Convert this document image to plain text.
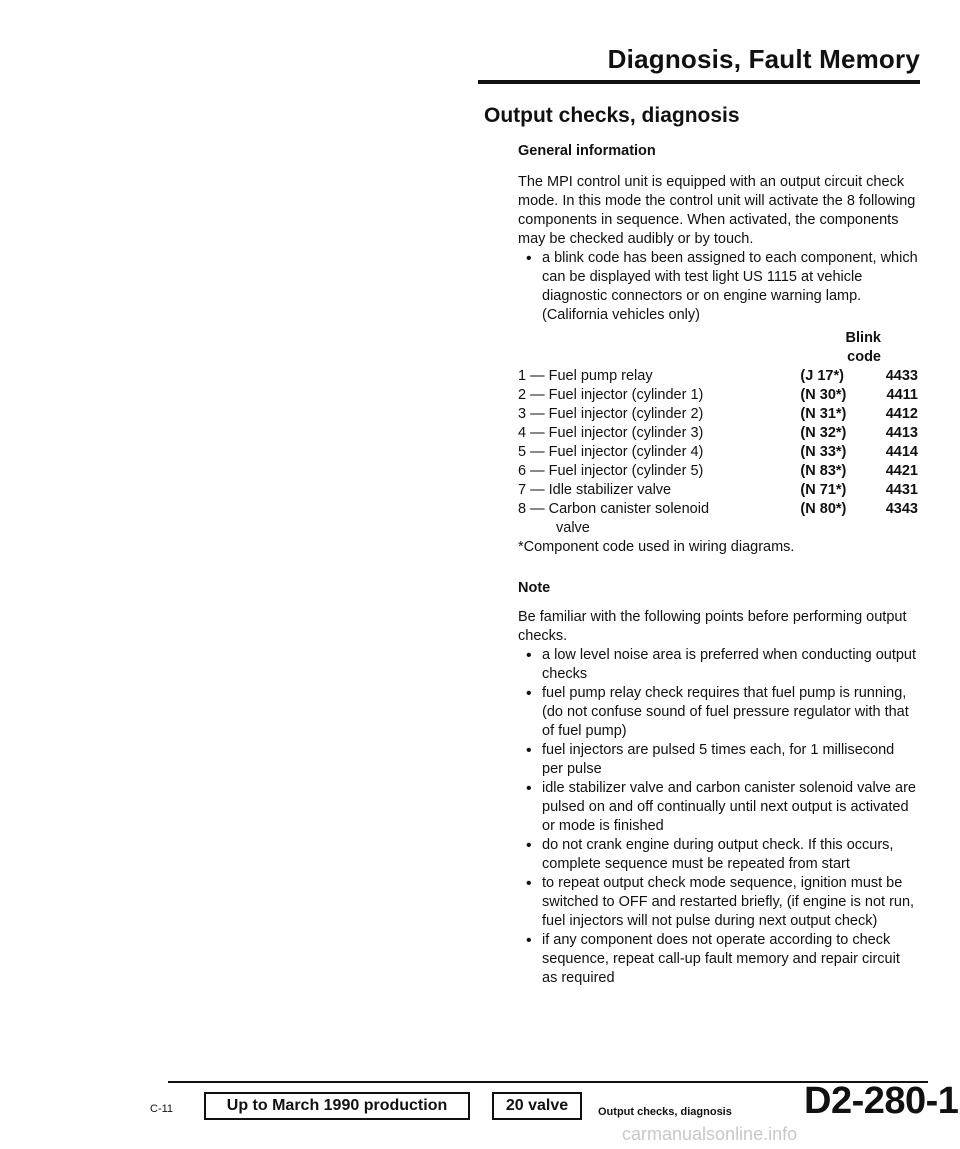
Diagnosis, Fault Memory
Output checks, diagnosis

General information

The MPI control unit is equipped with an output circuit check mode. In this mode the control unit will activate the 8 following components in sequence. When activated, the components may be checked audibly or by touch.

• a blink code has been assigned to each component, which can be displayed with test light US 1115 at vehicle diagnostic connectors or on engine warning lamp. (California vehicles only)
Blink
code
1 — Fuel pump relay	(J 17*)	4433
2 — Fuel injector (cylinder 1)	(N 30*)	4411
3 — Fuel injector (cylinder 2)	(N 31*)	4412
4 — Fuel injector (cylinder 3)	(N 32*)	4413
5 — Fuel injector (cylinder 4)	(N 33*)	4414
6 — Fuel injector (cylinder 5)	(N 83*)	4421
7 — Idle stabilizer valve	(N 71*)	4431
8 — Carbon canister solenoid	(N 80*)	4343
valve		
*Component code used in wiring diagrams.
Note
Be familiar with the following points before performing output checks.
• a low level noise area is preferred when conducting output checks
• fuel pump relay check requires that fuel pump is running, (do not confuse sound of fuel pressure regulator with that of fuel pump)
• fuel injectors are pulsed 5 times each, for 1 millisecond per pulse
• idle stabilizer valve and carbon canister solenoid valve are pulsed on and off continually until next output is activated or mode is finished
• do not crank engine during output check. If this occurs, complete sequence must be repeated from start
• to repeat output check mode sequence, ignition must be switched to OFF and restarted briefly, (if engine is not run, fuel injectors will not pulse during next output check)
• if any component does not operate according to check sequence, repeat call-up fault memory and repair circuit as required
C-11	Up to March 1990 production	20 valve	Output checks, diagnosis D2-280-1
carmanualsonline.info
